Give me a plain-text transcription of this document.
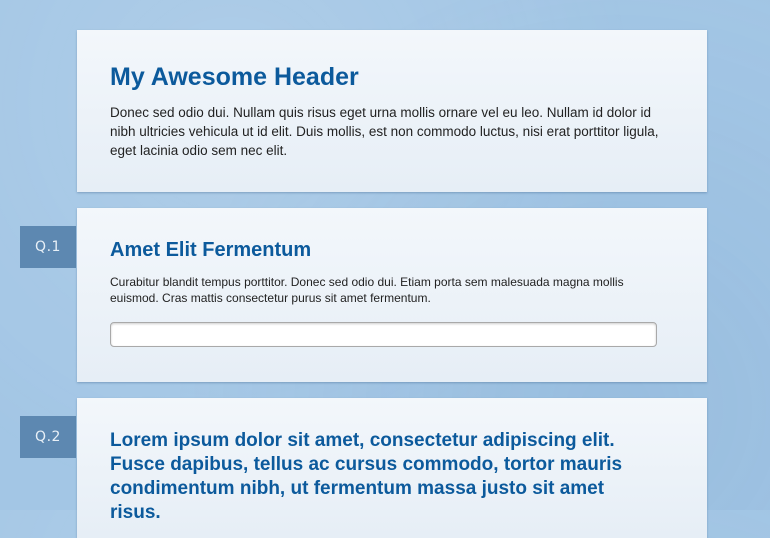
My Awesome Header

Donec sed odio dui. Nullam quis risus eget urna mollis ornare vel eu leo. Nullam id dolor id nibh ultricies vehicula ut id elit. Duis mollis, est non commodo luctus, nisi erat porttitor ligula, eget lacinia odio sem nec elit.

Q.1	Amet Elit Fermentum

Curabitur blandit tempus porttitor. Donec sed odio dui. Etiam porta sem malesuada magna mollis euismod. Cras mattis consectetur purus sit amet fermentum.

Q.2	Lorem ipsum dolor sit amet, consectetur adipiscing elit. Fusce dapibus, tellus ac cursus commodo, tortor mauris condimentum nibh, ut fermentum massa justo sit amet risus.
